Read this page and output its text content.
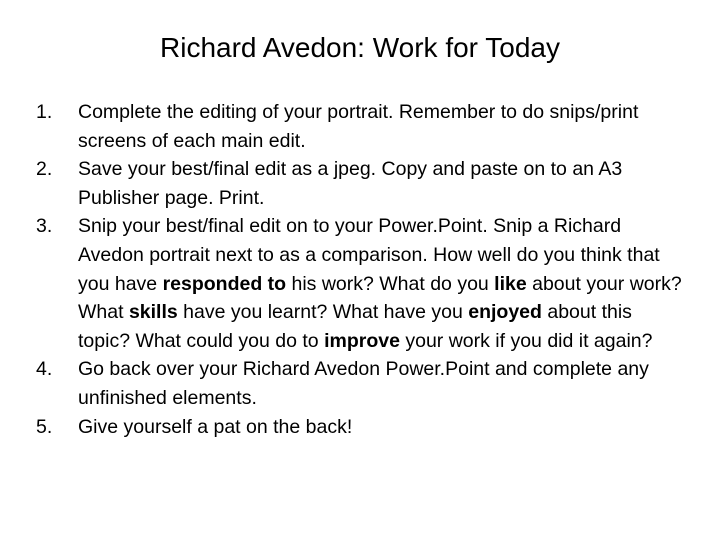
Richard Avedon: Work for Today
1.	Complete the editing of your portrait. Remember to do snips/print screens of each main edit.
2.	Save your best/final edit as a jpeg. Copy and paste on to an A3 Publisher page. Print.
3.	Snip your best/final edit on to your Power.Point. Snip a Richard Avedon portrait next to as a comparison. How well do you think that you have responded to his work? What do you like about your work? What skills have you learnt? What have you enjoyed about this topic? What could you do to improve your work if you did it again?
4.	Go back over your Richard Avedon Power.Point and complete any unfinished elements.
5.	Give yourself a pat on the back!
